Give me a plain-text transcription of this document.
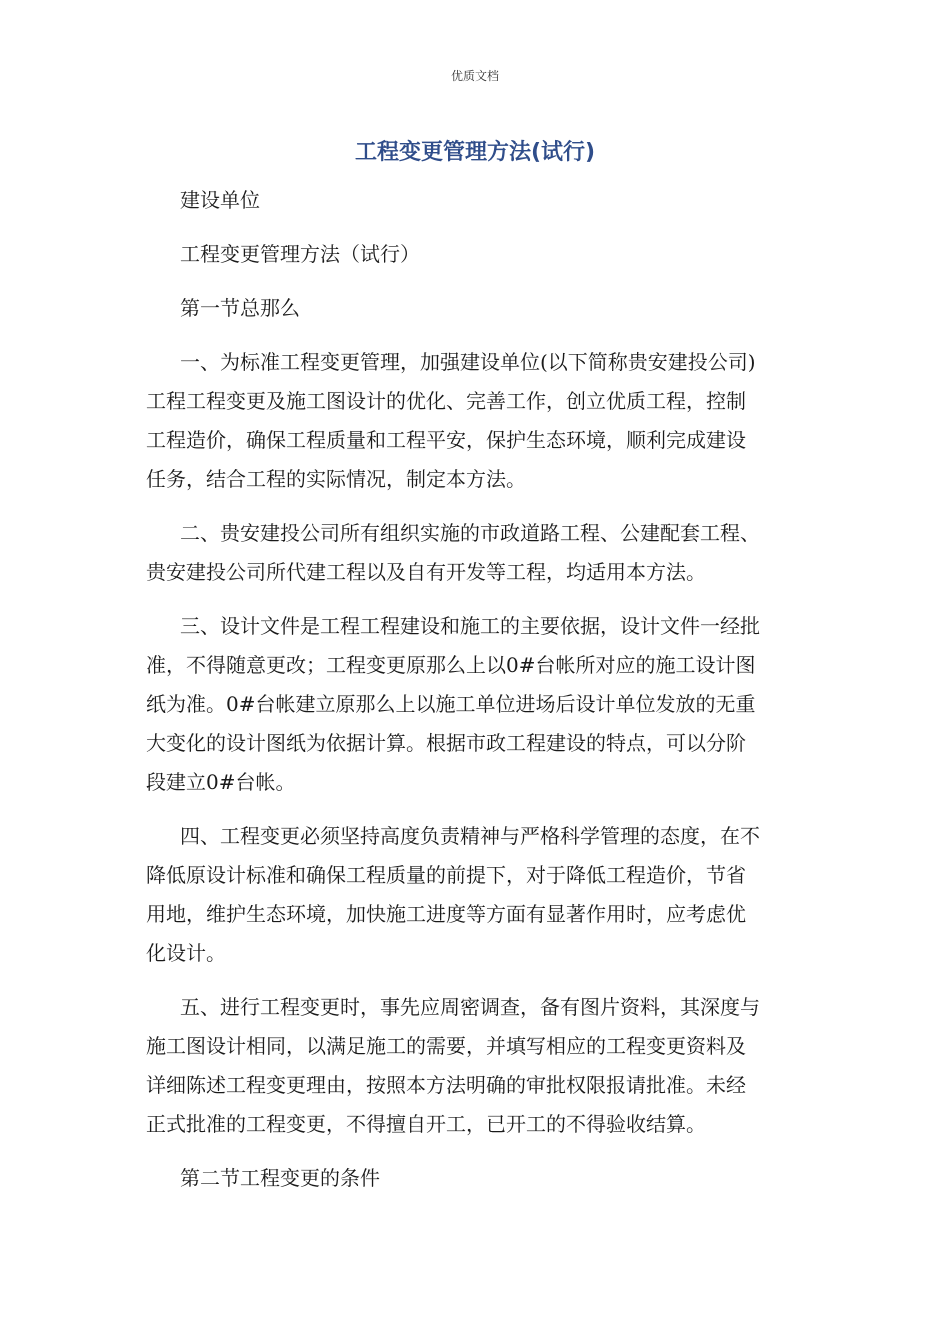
优质文档
工程变更管理方法(试行)
建设单位
工程变更管理方法（试行）
第一节总那么
一、为标准工程变更管理，加强建设单位(以下简称贵安建投公司)
工程工程变更及施工图设计的优化、完善工作，创立优质工程，控制
工程造价，确保工程质量和工程平安，保护生态环境，顺利完成建设
任务，结合工程的实际情况，制定本方法。
二、贵安建投公司所有组织实施的市政道路工程、公建配套工程、
贵安建投公司所代建工程以及自有开发等工程，均适用本方法。
三、设计文件是工程工程建设和施工的主要依据，设计文件一经批
准，不得随意更改；工程变更原那么上以0#台帐所对应的施工设计图
纸为准。0#台帐建立原那么上以施工单位进场后设计单位发放的无重
大变化的设计图纸为依据计算。根据市政工程建设的特点，可以分阶
段建立0#台帐。
四、工程变更必须坚持高度负责精神与严格科学管理的态度，在不
降低原设计标准和确保工程质量的前提下，对于降低工程造价，节省
用地，维护生态环境，加快施工进度等方面有显著作用时，应考虑优
化设计。
五、进行工程变更时，事先应周密调查，备有图片资料，其深度与
施工图设计相同，以满足施工的需要，并填写相应的工程变更资料及
详细陈述工程变更理由，按照本方法明确的审批权限报请批准。未经
正式批准的工程变更，不得擅自开工，已开工的不得验收结算。
第二节工程变更的条件
